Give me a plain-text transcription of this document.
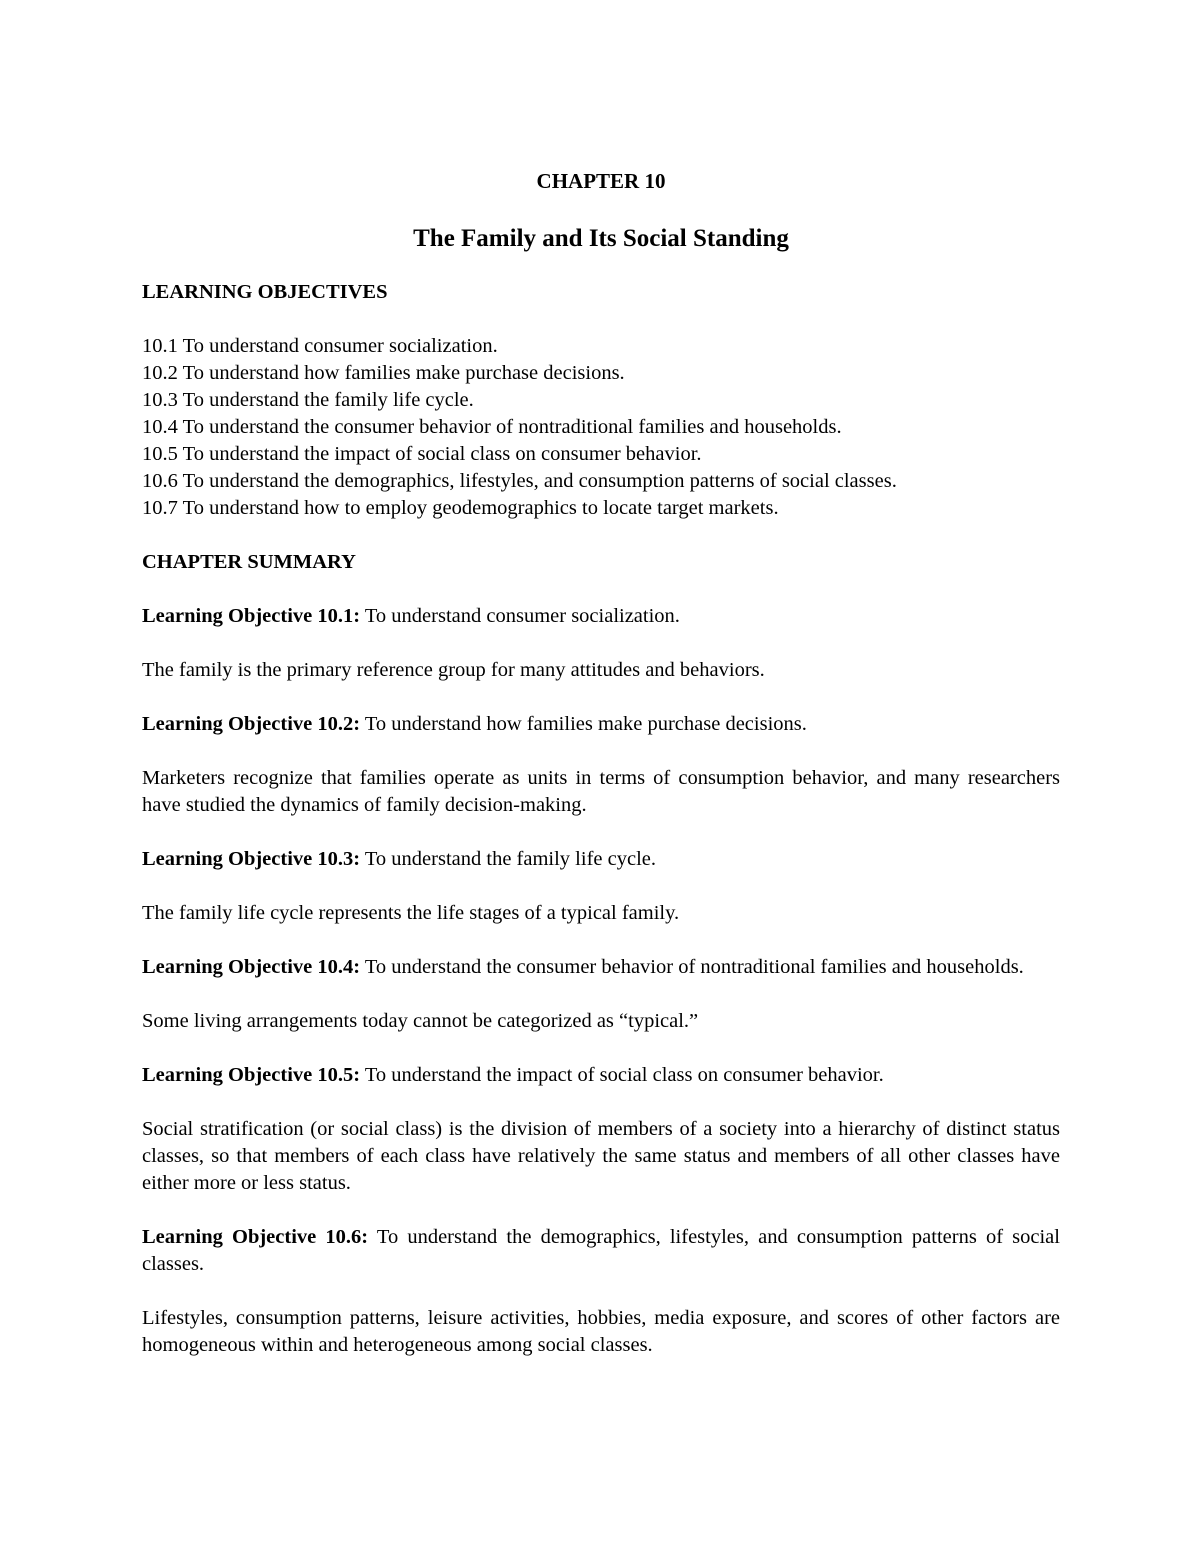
CHAPTER 10
The Family and Its Social Standing
LEARNING OBJECTIVES
10.1 To understand consumer socialization.
10.2 To understand how families make purchase decisions.
10.3 To understand the family life cycle.
10.4 To understand the consumer behavior of nontraditional families and households.
10.5 To understand the impact of social class on consumer behavior.
10.6 To understand the demographics, lifestyles, and consumption patterns of social classes.
10.7 To understand how to employ geodemographics to locate target markets.
CHAPTER SUMMARY

Learning Objective 10.1: To understand consumer socialization.

The family is the primary reference group for many attitudes and behaviors.

Learning Objective 10.2: To understand how families make purchase decisions.

Marketers recognize that families operate as units in terms of consumption behavior, and many researchers have studied the dynamics of family decision-making.

Learning Objective 10.3: To understand the family life cycle.

The family life cycle represents the life stages of a typical family.

Learning Objective 10.4: To understand the consumer behavior of nontraditional families and households.

Some living arrangements today cannot be categorized as “typical.”

Learning Objective 10.5: To understand the impact of social class on consumer behavior.

Social stratification (or social class) is the division of members of a society into a hierarchy of distinct status classes, so that members of each class have relatively the same status and members of all other classes have either more or less status.

Learning Objective 10.6: To understand the demographics, lifestyles, and consumption patterns of social classes.

Lifestyles, consumption patterns, leisure activities, hobbies, media exposure, and scores of other factors are homogeneous within and heterogeneous among social classes.
